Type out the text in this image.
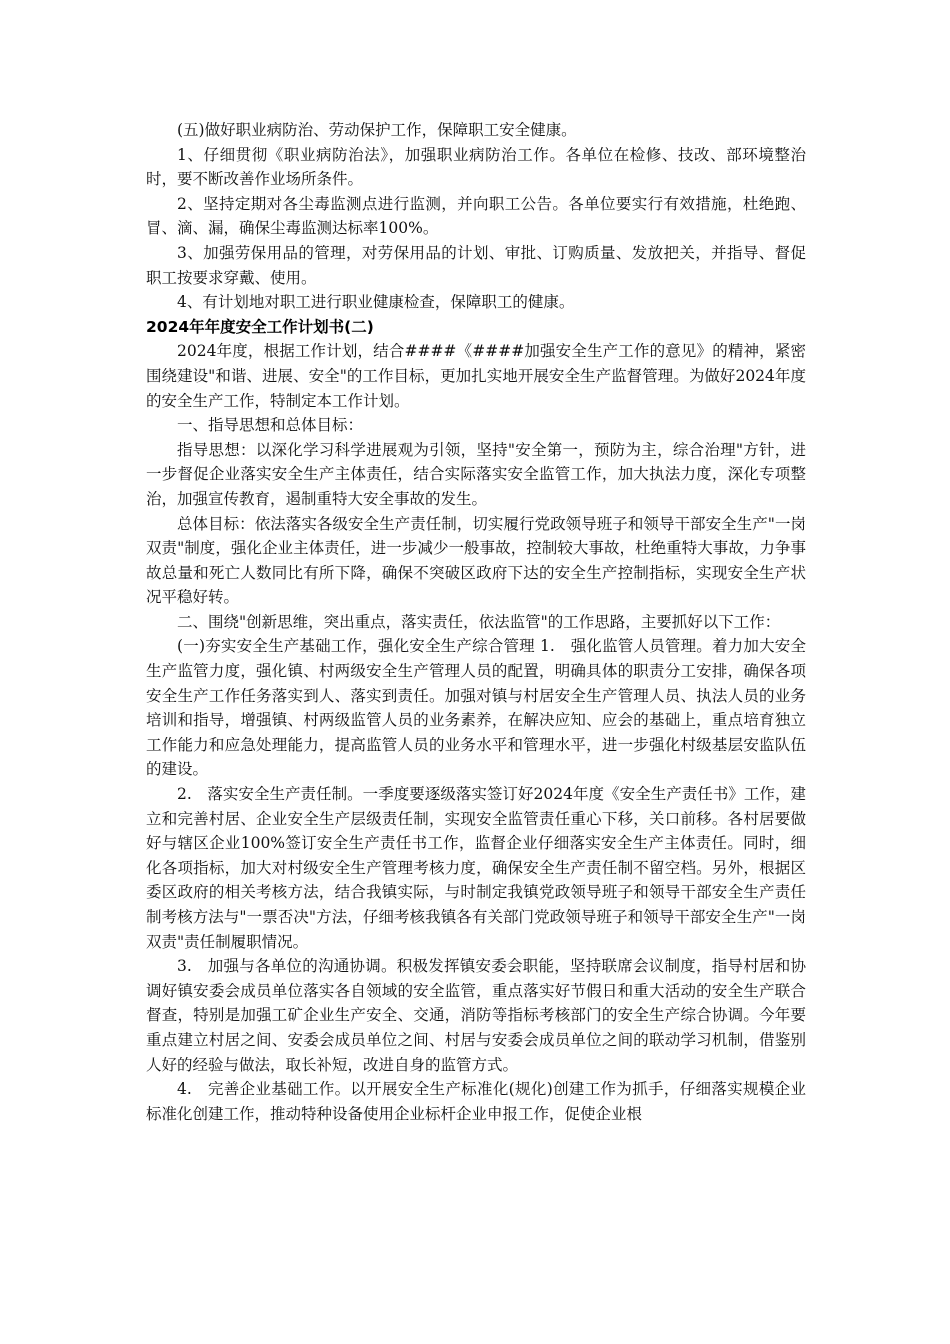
(五)做好职业病防治、劳动保护工作，保障职工安全健康。

1、仔细贯彻《职业病防治法》，加强职业病防治工作。各单位在检修、技改、部环境整治时，要不断改善作业场所条件。

2、坚持定期对各尘毒监测点进行监测，并向职工公告。各单位要实行有效措施，杜绝跑、冒、滴、漏，确保尘毒监测达标率100%。

3、加强劳保用品的管理，对劳保用品的计划、审批、订购质量、发放把关，并指导、督促职工按要求穿戴、使用。

4、有计划地对职工进行职业健康检查，保障职工的健康。

2024年年度安全工作计划书(二)

2024年度，根据工作计划，结合####《####加强安全生产工作的意见》的精神，紧密围绕建设"和谐、进展、安全"的工作目标，更加扎实地开展安全生产监督管理。为做好2024年度的安全生产工作，特制定本工作计划。

一、指导思想和总体目标：

指导思想：以深化学习科学进展观为引领，坚持"安全第一，预防为主，综合治理"方针，进一步督促企业落实安全生产主体责任，结合实际落实安全监管工作，加大执法力度，深化专项整治，加强宣传教育，遏制重特大安全事故的发生。

总体目标：依法落实各级安全生产责任制，切实履行党政领导班子和领导干部安全生产"一岗双责"制度，强化企业主体责任，进一步减少一般事故，控制较大事故，杜绝重特大事故，力争事故总量和死亡人数同比有所下降，确保不突破区政府下达的安全生产控制指标，实现安全生产状况平稳好转。

二、围绕"创新思维，突出重点，落实责任，依法监管"的工作思路，主要抓好以下工作：

(一)夯实安全生产基础工作，强化安全生产综合管理 1.　强化监管人员管理。着力加大安全生产监管力度，强化镇、村两级安全生产管理人员的配置，明确具体的职责分工安排，确保各项安全生产工作任务落实到人、落实到责任。加强对镇与村居安全生产管理人员、执法人员的业务培训和指导，增强镇、村两级监管人员的业务素养，在解决应知、应会的基础上，重点培育独立工作能力和应急处理能力，提高监管人员的业务水平和管理水平，进一步强化村级基层安监队伍的建设。

2.　落实安全生产责任制。一季度要逐级落实签订好2024年度《安全生产责任书》工作，建立和完善村居、企业安全生产层级责任制，实现安全监管责任重心下移，关口前移。各村居要做好与辖区企业100%签订安全生产责任书工作，监督企业仔细落实安全生产主体责任。同时，细化各项指标，加大对村级安全生产管理考核力度，确保安全生产责任制不留空档。另外，根据区委区政府的相关考核方法，结合我镇实际，与时制定我镇党政领导班子和领导干部安全生产责任制考核方法与"一票否决"方法，仔细考核我镇各有关部门党政领导班子和领导干部安全生产"一岗双责"责任制履职情况。

3.　加强与各单位的沟通协调。积极发挥镇安委会职能，坚持联席会议制度，指导村居和协调好镇安委会成员单位落实各自领域的安全监管，重点落实好节假日和重大活动的安全生产联合督查，特别是加强工矿企业生产安全、交通，消防等指标考核部门的安全生产综合协调。今年要重点建立村居之间、安委会成员单位之间、村居与安委会成员单位之间的联动学习机制，借鉴别人好的经验与做法，取长补短，改进自身的监管方式。

4.　完善企业基础工作。以开展安全生产标准化(规化)创建工作为抓手，仔细落实规模企业标准化创建工作，推动特种设备使用企业标杆企业申报工作，促使企业根
